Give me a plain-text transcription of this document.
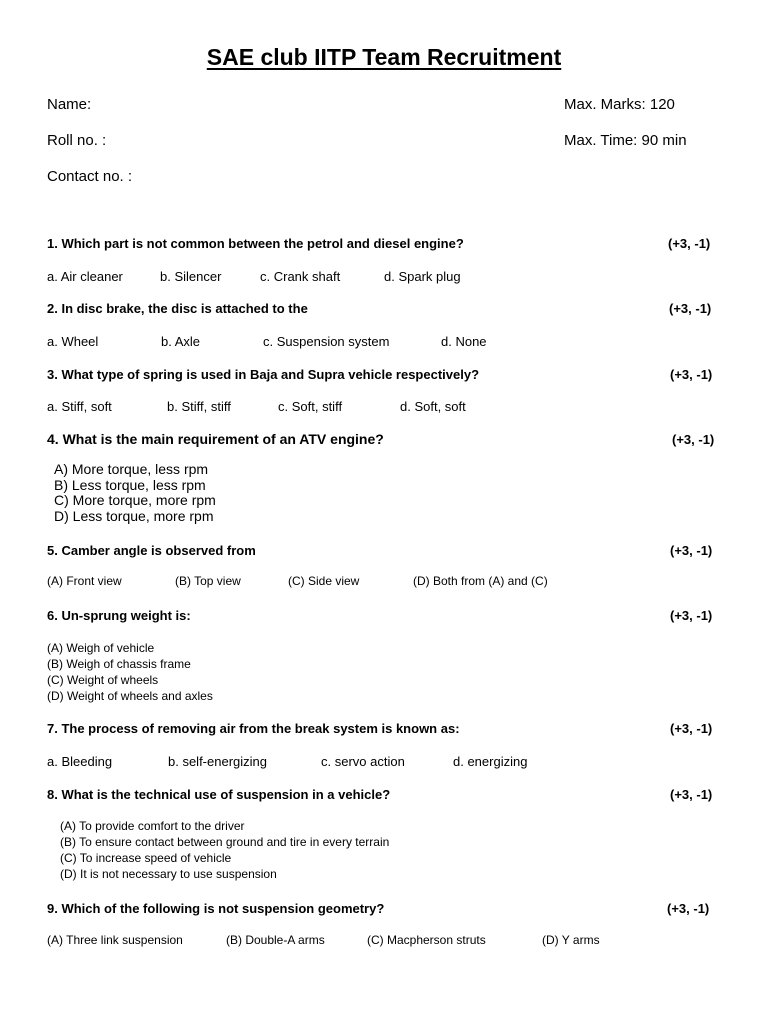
SAE club IITP Team Recruitment
Name:
Roll no. :
Contact no. :
Max. Marks: 120
Max. Time: 90 min
1. Which part is not common between the petrol and diesel engine?	(+3, -1)
a. Air cleaner	b. Silencer	c. Crank shaft	d. Spark plug
2. In disc brake, the disc is attached to the	(+3, -1)
a. Wheel	b. Axle	c. Suspension system	d. None
3. What type of spring is used in Baja and Supra vehicle respectively?	(+3, -1)
a. Stiff, soft	b. Stiff, stiff	c. Soft, stiff	d. Soft, soft
4. What is the main requirement of an ATV engine?	(+3, -1)
A) More torque, less rpm
B) Less torque, less rpm
C) More torque, more rpm
D) Less torque, more rpm
5. Camber angle is observed from	(+3, -1)
(A) Front view	(B) Top view	(C) Side view	(D) Both from (A) and (C)
6. Un-sprung weight is:	(+3, -1)
(A) Weigh of vehicle
(B) Weigh of chassis frame
(C) Weight of wheels
(D) Weight of wheels and axles
7. The process of removing air from the break system is known as:	(+3, -1)
a. Bleeding	b. self-energizing	c. servo action	d. energizing
8. What is the technical use of suspension in a vehicle?	(+3, -1)
(A) To provide comfort to the driver
(B) To ensure contact between ground and tire in every terrain
(C) To increase speed of vehicle
(D) It is not necessary to use suspension
9. Which of the following is not suspension geometry?	(+3, -1)
(A) Three link suspension	(B) Double-A arms	(C) Macpherson struts	(D) Y arms
